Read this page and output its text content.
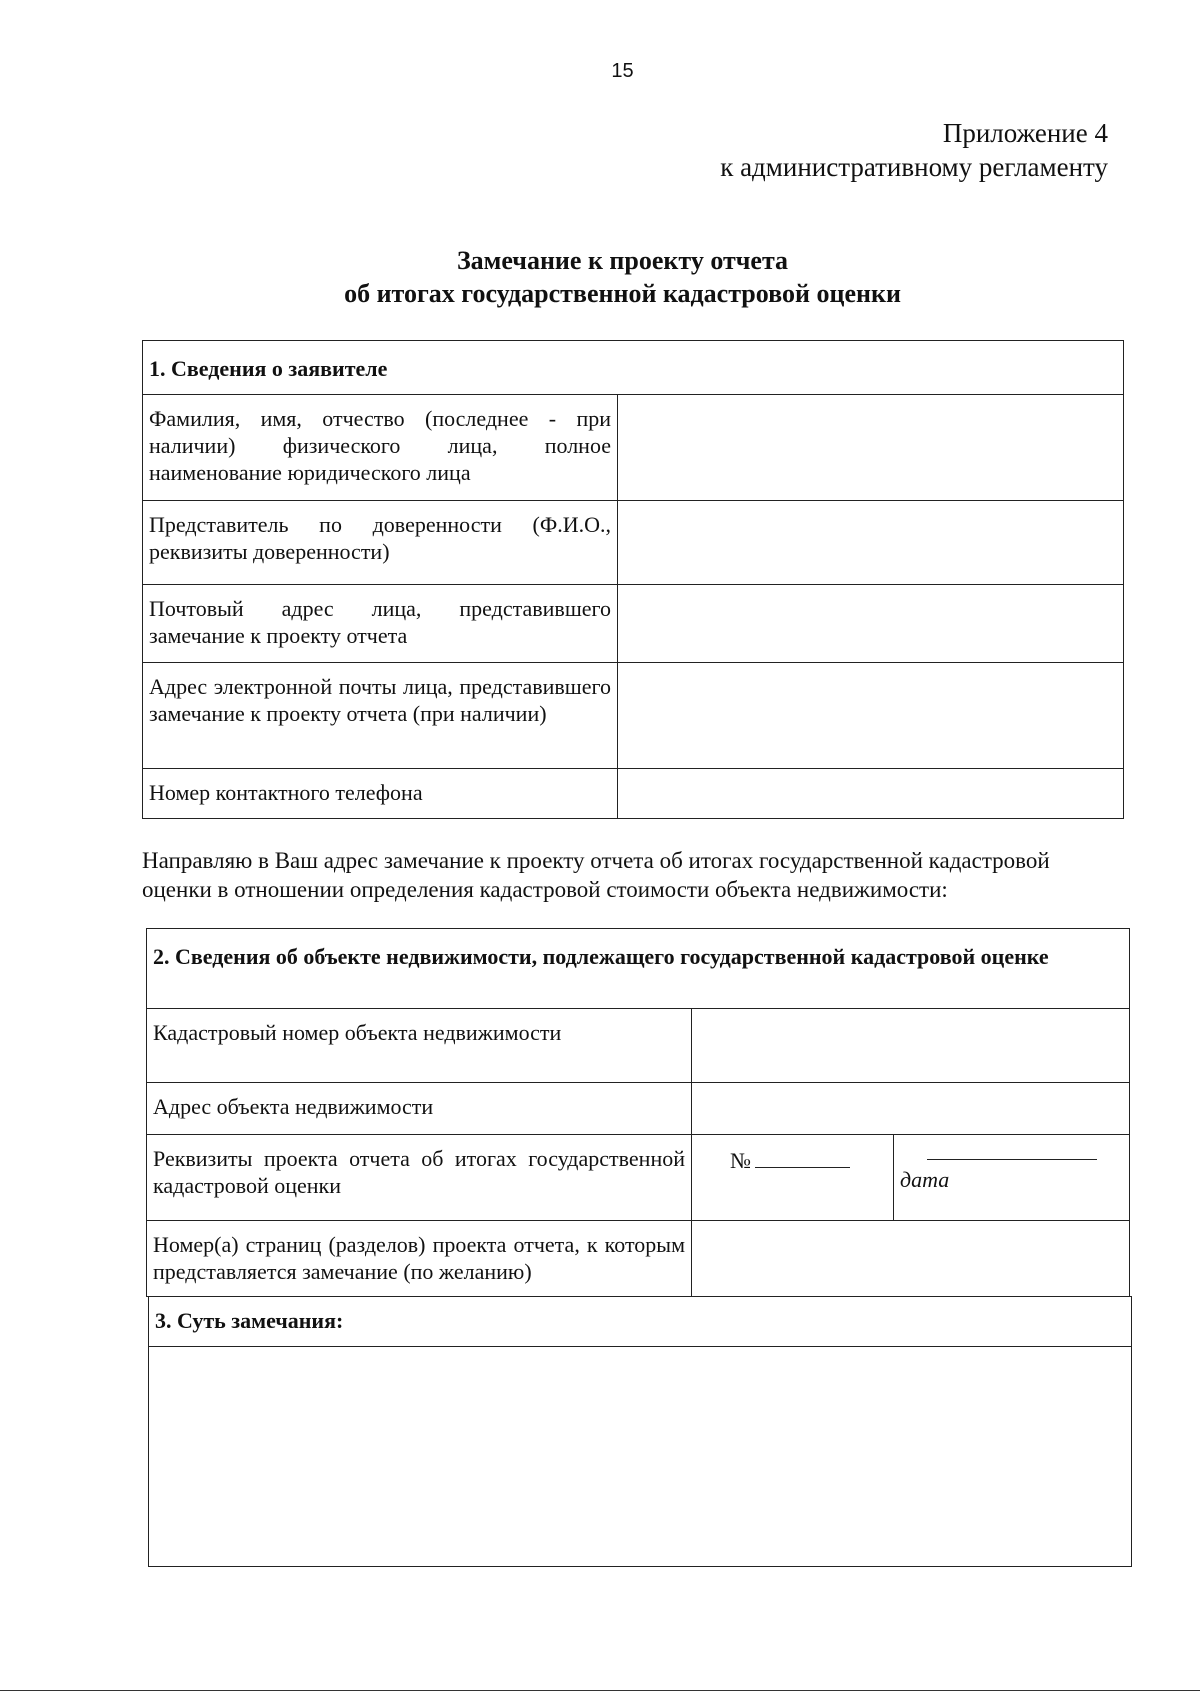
15
Приложение 4
к административному регламенту
Замечание к проекту отчета
об итогах государственной кадастровой оценки
1. Сведения о заявителе	
Фамилия, имя, отчество (последнее - при наличии) физического лица, полное наименование юридического лица	
Представитель по доверенности (Ф.И.О., реквизиты доверенности)	
Почтовый адрес лица, представившего замечание к проекту отчета	
Адрес электронной почты лица, представившего замечание к проекту отчета (при наличии)	
Номер контактного телефона	
Направляю в Ваш адрес замечание к проекту отчета об итогах государственной кадастровой оценки в отношении определения кадастровой стоимости объекта недвижимости:
2. Сведения об объекте недвижимости, подлежащего государственной кадастровой оценке		
Кадастровый номер объекта недвижимости		
Адрес объекта недвижимости		
Реквизиты проекта отчета об итогах государственной кадастровой оценки	№	дата

Номер(а) страниц (разделов) проекта отчета, к которым представляется замечание (по желанию)		
3. Суть замечания:
